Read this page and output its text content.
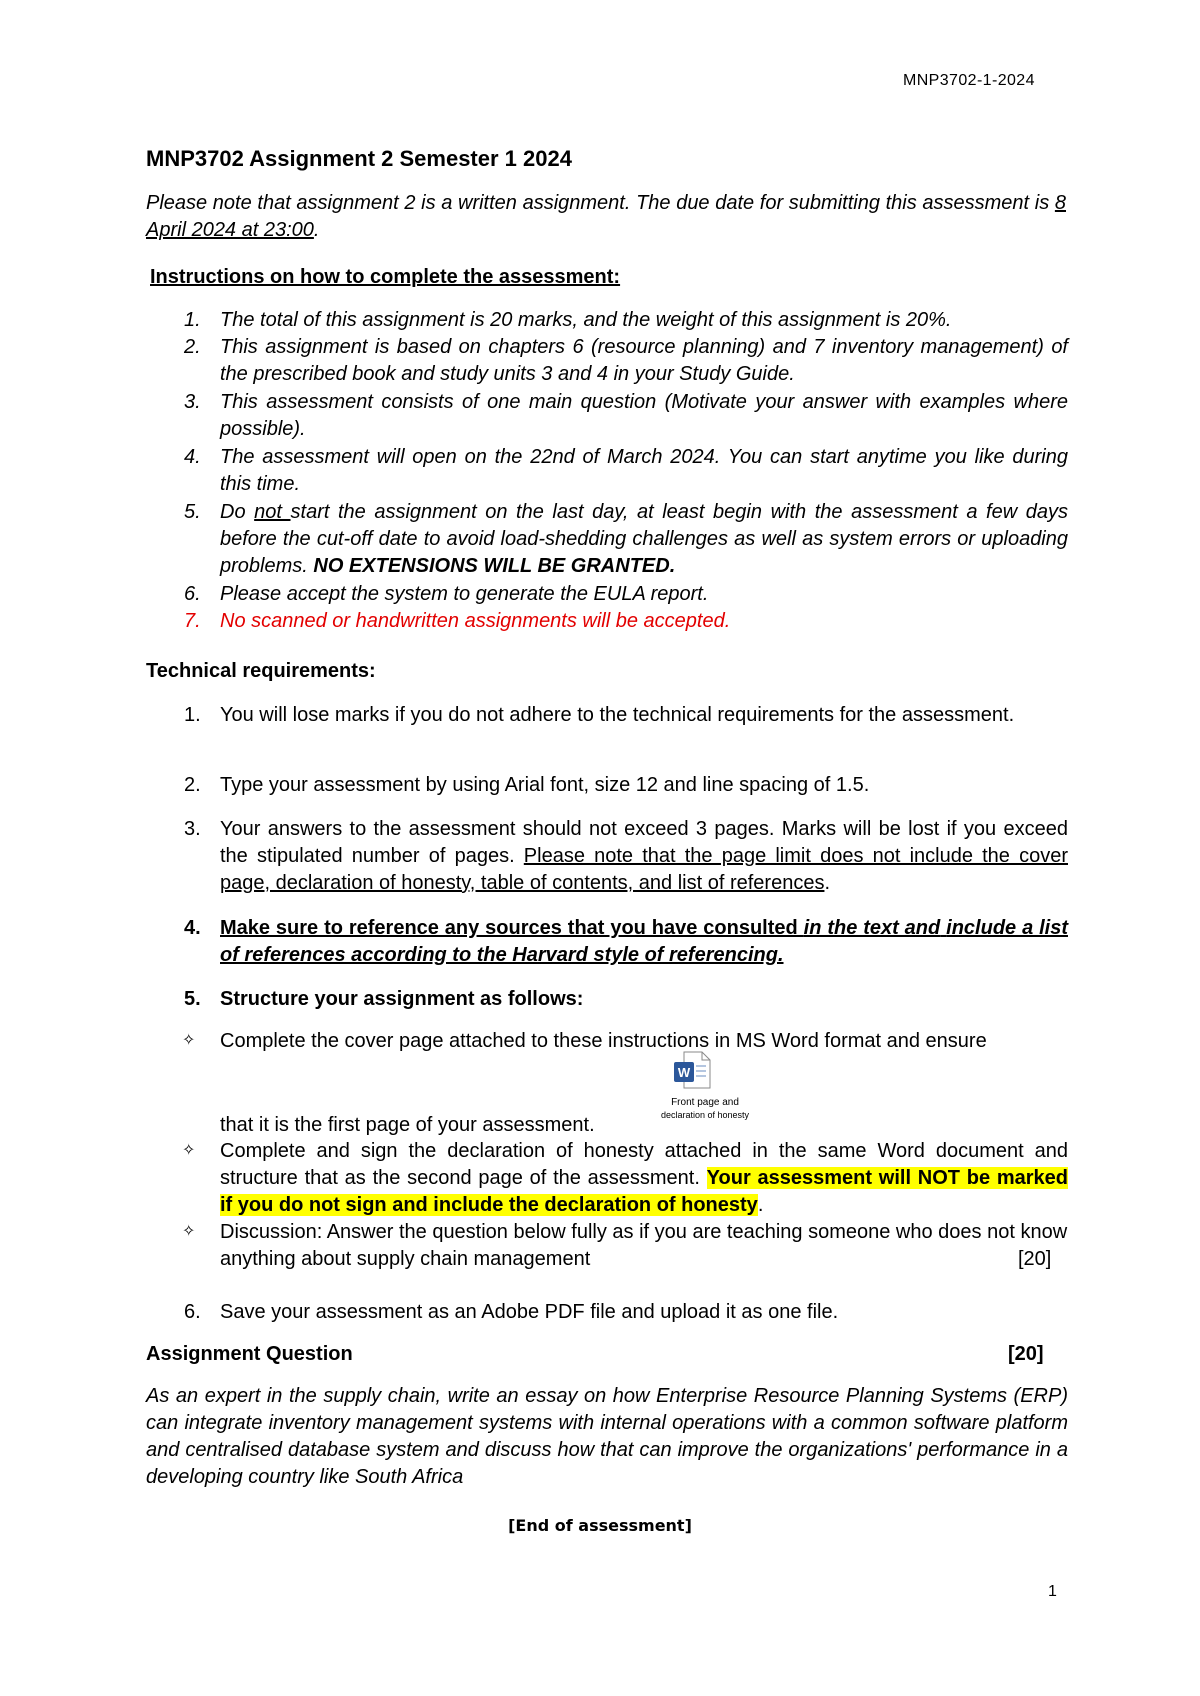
MNP3702-1-2024
MNP3702 Assignment 2 Semester 1 2024
Please note that assignment 2 is a written assignment. The due date for submitting this assessment is 8 April 2024 at 23:00.
Instructions on how to complete the assessment:
1. The total of this assignment is 20 marks, and the weight of this assignment is 20%.
2. This assignment is based on chapters 6 (resource planning) and 7 inventory management) of the prescribed book and study units 3 and 4 in your Study Guide.
3. This assessment consists of one main question (Motivate your answer with examples where possible).
4. The assessment will open on the 22nd of March 2024. You can start anytime you like during this time.
5. Do not start the assignment on the last day, at least begin with the assessment a few days before the cut-off date to avoid load-shedding challenges as well as system errors or uploading problems. NO EXTENSIONS WILL BE GRANTED.
6. Please accept the system to generate the EULA report.
7. No scanned or handwritten assignments will be accepted.
Technical requirements:
1. You will lose marks if you do not adhere to the technical requirements for the assessment.
2. Type your assessment by using Arial font, size 12 and line spacing of 1.5.
3. Your answers to the assessment should not exceed 3 pages. Marks will be lost if you exceed the stipulated number of pages. Please note that the page limit does not include the cover page, declaration of honesty, table of contents, and list of references.
4. Make sure to reference any sources that you have consulted in the text and include a list of references according to the Harvard style of referencing.
5. Structure your assignment as follows:
✧	Complete the cover page attached to these instructions in MS Word format and ensure
W
Front page and
declaration of honesty
that it is the first page of your assessment.
✧	Complete and sign the declaration of honesty attached in the same Word document and structure that as the second page of the assessment. Your assessment will NOT be marked if you do not sign and include the declaration of honesty.
✧	Discussion: Answer the question below fully as if you are teaching someone who does not know anything about supply chain management	[20]
6. Save your assessment as an Adobe PDF file and upload it as one file.
Assignment Question	[20]
As an expert in the supply chain, write an essay on how Enterprise Resource Planning Systems (ERP) can integrate inventory management systems with internal operations with a common software platform and centralised database system and discuss how that can improve the organizations' performance in a developing country like South Africa
[End of assessment]
1
